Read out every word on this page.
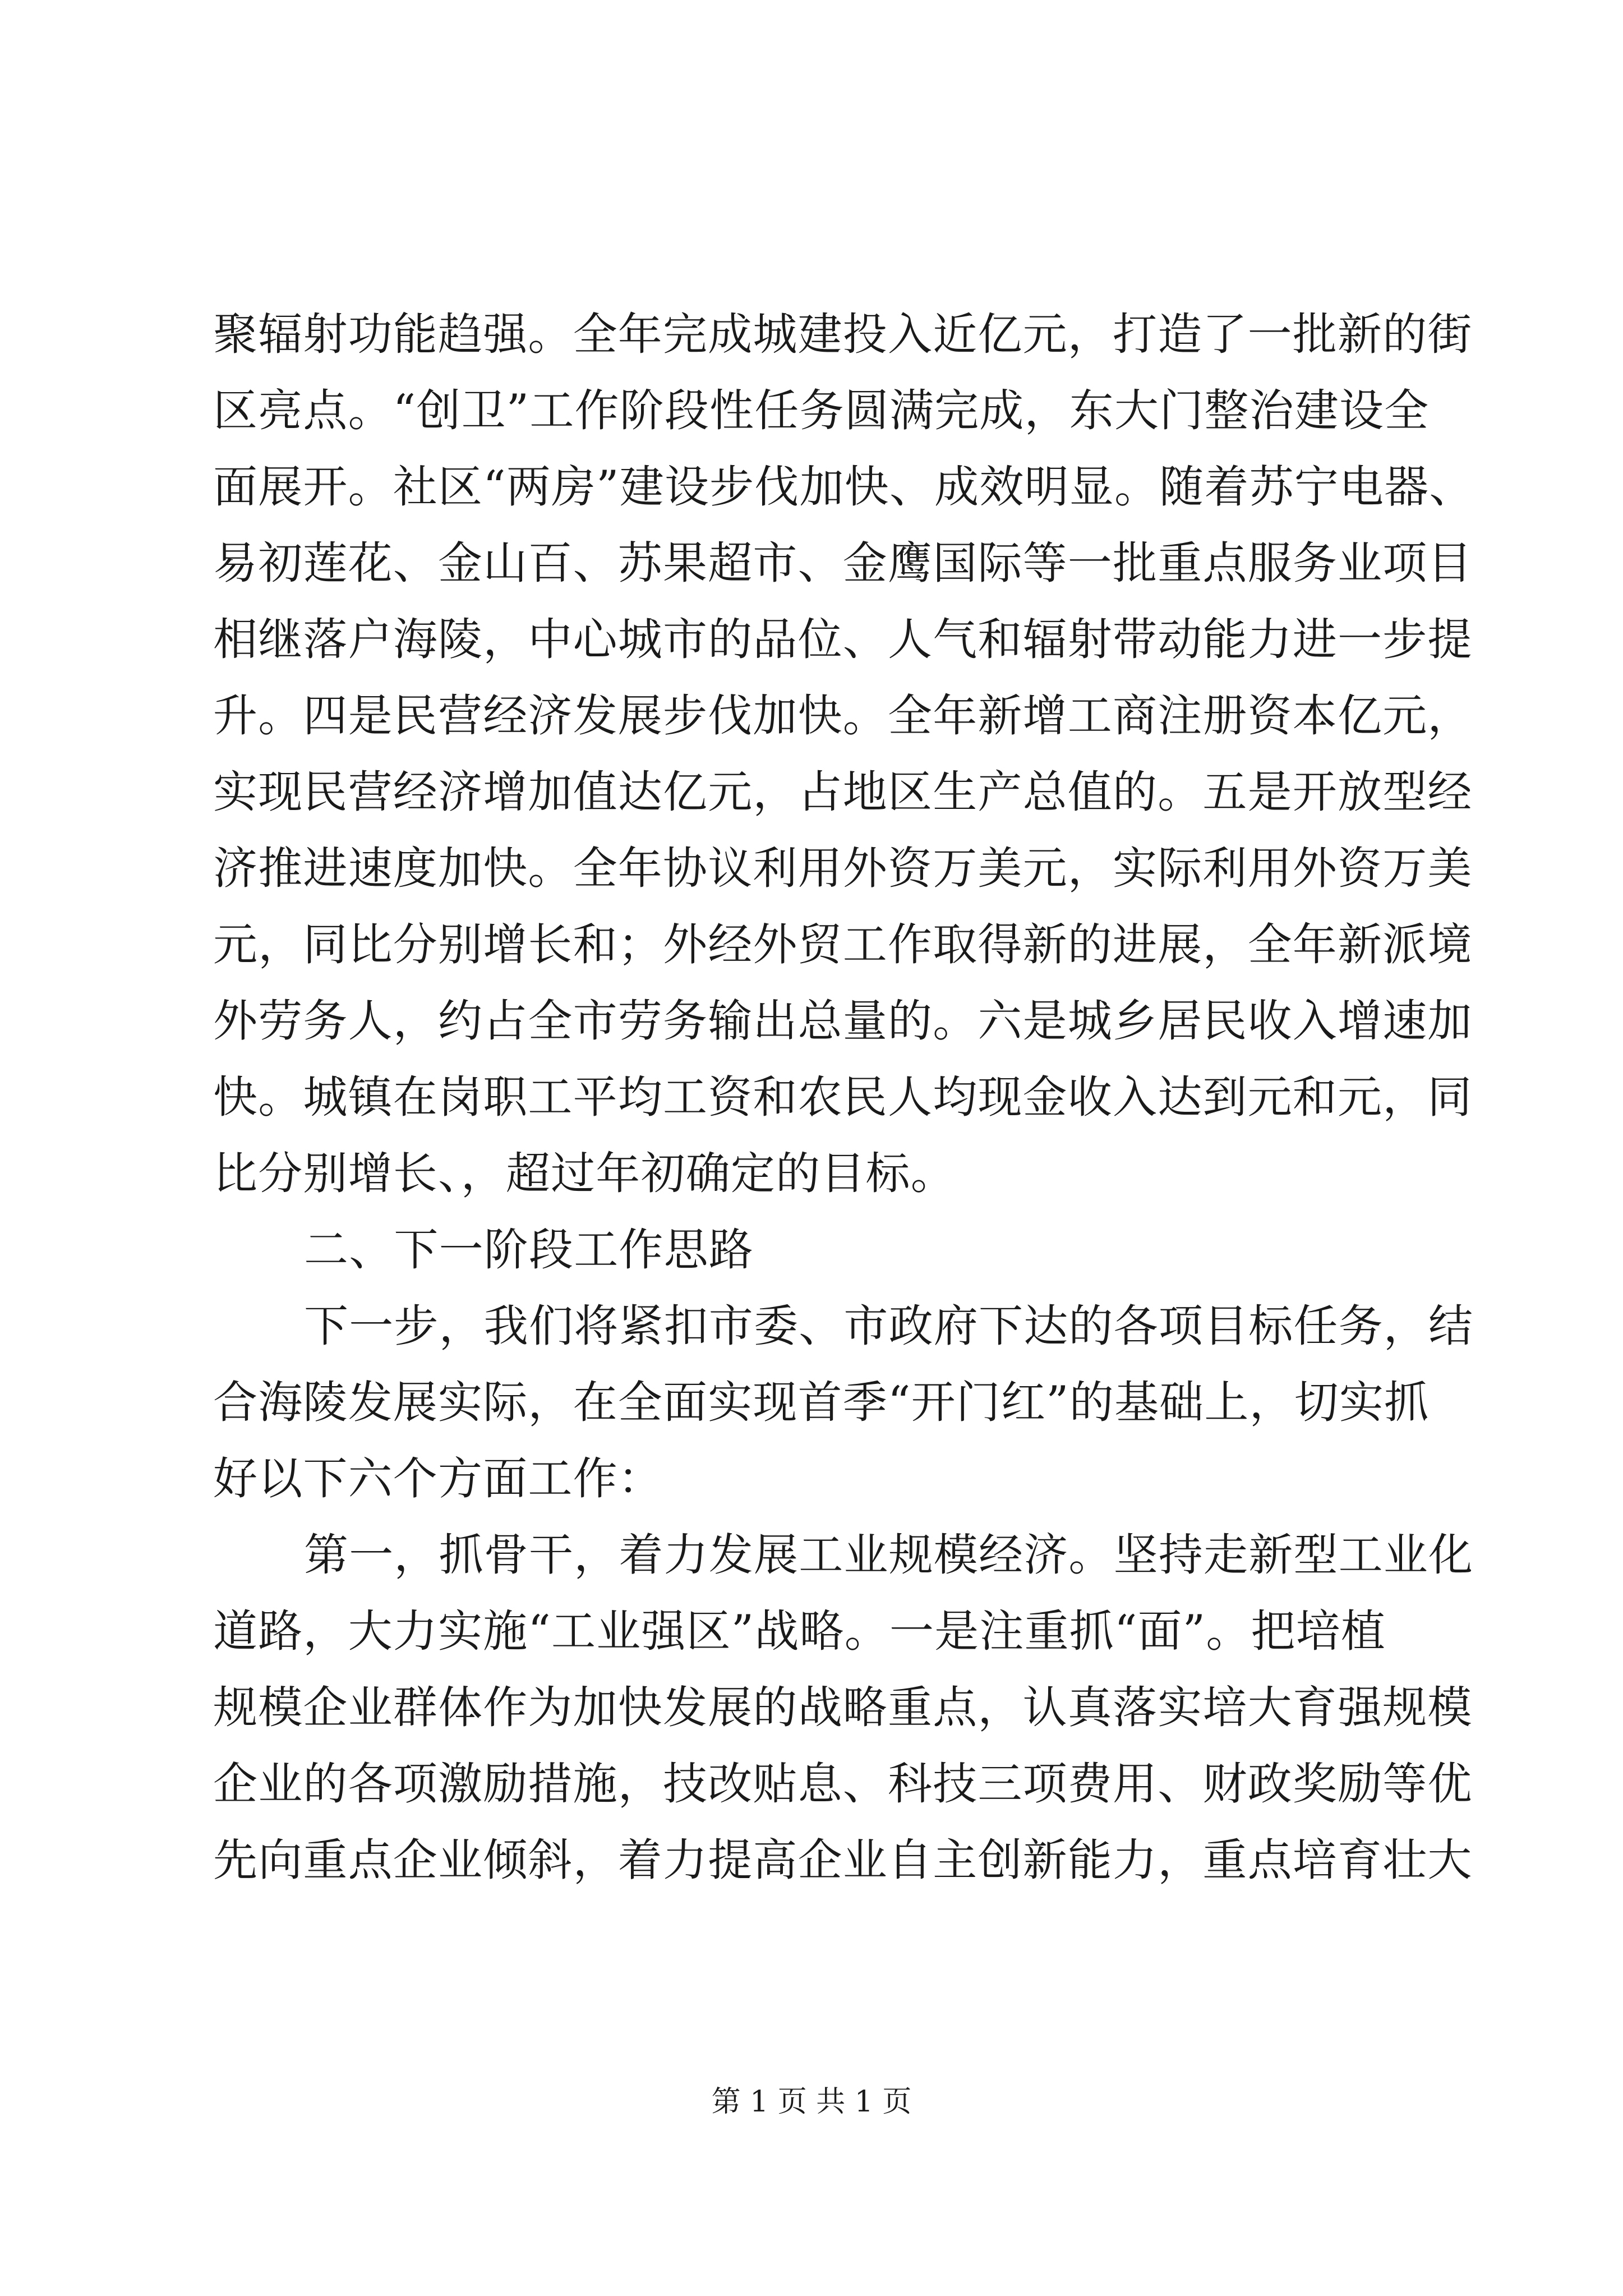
聚辐射功能趋强。全年完成城建投入近亿元，打造了一批新的街
区亮点。“创卫”工作阶段性任务圆满完成，东大门整治建设全
面展开。社区“两房”建设步伐加快、成效明显。随着苏宁电器、
易初莲花、金山百、苏果超市、金鹰国际等一批重点服务业项目
相继落户海陵，中心城市的品位、人气和辐射带动能力进一步提
升。四是民营经济发展步伐加快。全年新增工商注册资本亿元，
实现民营经济增加值达亿元，占地区生产总值的。五是开放型经
济推进速度加快。全年协议利用外资万美元，实际利用外资万美
元，同比分别增长和；外经外贸工作取得新的进展，全年新派境
外劳务人，约占全市劳务输出总量的。六是城乡居民收入增速加
快。城镇在岗职工平均工资和农民人均现金收入达到元和元，同
比分别增长、，超过年初确定的目标。
二、下一阶段工作思路
下一步，我们将紧扣市委、市政府下达的各项目标任务，结
合海陵发展实际，在全面实现首季“开门红”的基础上，切实抓
好以下六个方面工作：
第一，抓骨干，着力发展工业规模经济。坚持走新型工业化
道路，大力实施“工业强区”战略。一是注重抓“面”。把培植
规模企业群体作为加快发展的战略重点，认真落实培大育强规模
企业的各项激励措施，技改贴息、科技三项费用、财政奖励等优
先向重点企业倾斜，着力提高企业自主创新能力，重点培育壮大
第 1 页 共 1 页
